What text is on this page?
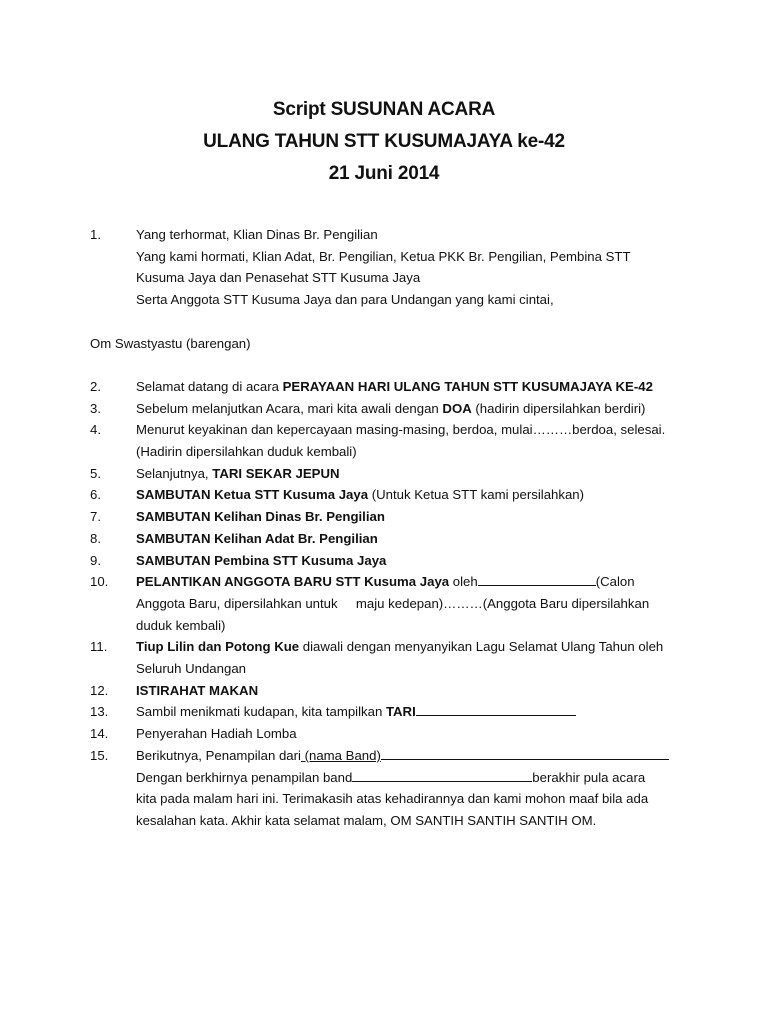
Script SUSUNAN ACARA
ULANG TAHUN STT KUSUMAJAYA ke-42
21 Juni 2014
1.	Yang terhormat, Klian Dinas Br. Pengilian
Yang kami hormati, Klian Adat, Br. Pengilian, Ketua PKK Br. Pengilian, Pembina STT
Kusuma Jaya dan Penasehat STT Kusuma Jaya
Serta Anggota STT Kusuma Jaya dan para Undangan yang kami cintai,
Om Swastyastu (barengan)
2.	Selamat datang di acara PERAYAAN HARI ULANG TAHUN STT KUSUMAJAYA KE-42
3.	Sebelum melanjutkan Acara, mari kita awali dengan DOA (hadirin dipersilahkan berdiri)
4.	Menurut keyakinan dan kepercayaan masing-masing, berdoa, mulai………berdoa, selesai.
(Hadirin dipersilahkan duduk kembali)
5.	Selanjutnya, TARI SEKAR JEPUN
6.	SAMBUTAN Ketua STT Kusuma Jaya (Untuk Ketua STT kami persilahkan)
7.	SAMBUTAN Kelihan Dinas Br. Pengilian
8.	SAMBUTAN Kelihan Adat Br. Pengilian
9.	SAMBUTAN Pembina STT Kusuma Jaya
10. PELANTIKAN ANGGOTA BARU STT Kusuma Jaya oleh	(Calon
Anggota Baru, dipersilahkan untuk     maju kedepan)………(Anggota Baru dipersilahkan
duduk kembali)
11. Tiup Lilin dan Potong Kue diawali dengan menyanyikan Lagu Selamat Ulang Tahun oleh
Seluruh Undangan
12. ISTIRAHAT MAKAN
13. Sambil menikmati kudapan, kita tampilkan TARI
14. Penyerahan Hadiah Lomba
15. Berikutnya, Penampilan dari (nama Band)
Dengan berkhirnya penampilan band	berakhir pula acara
kita pada malam hari ini. Terimakasih atas kehadirannya dan kami mohon maaf bila ada
kesalahan kata. Akhir kata selamat malam, OM SANTIH SANTIH SANTIH OM.
